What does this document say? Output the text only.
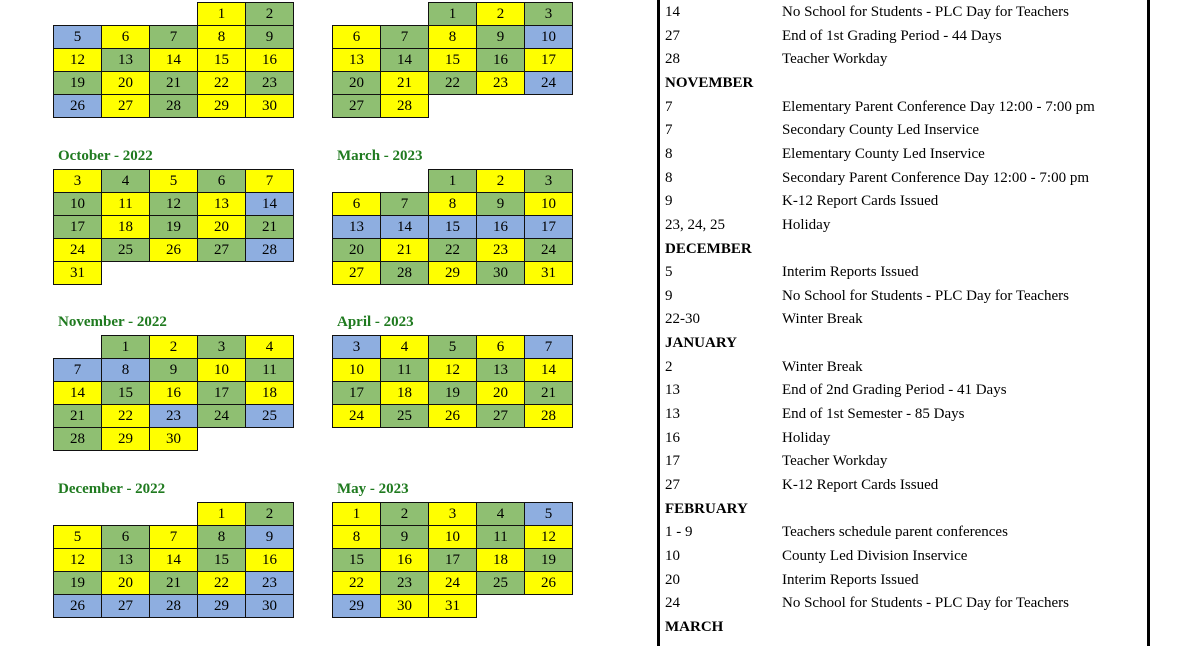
			1	2
5	6	7	8	9
12	13	14	15	16
19	20	21	22	23
26	27	28	29	30
		1	2	3
6	7	8	9	10
13	14	15	16	17
20	21	22	23	24
27	28			
October - 2022
3	4	5	6	7
10	11	12	13	14
17	18	19	20	21
24	25	26	27	28
31				
March - 2023
		1	2	3
6	7	8	9	10
13	14	15	16	17
20	21	22	23	24
27	28	29	30	31
November - 2022
	1	2	3	4
7	8	9	10	11
14	15	16	17	18
21	22	23	24	25
28	29	30		
April - 2023
3	4	5	6	7
10	11	12	13	14
17	18	19	20	21
24	25	26	27	28

December - 2022
			1	2
5	6	7	8	9
12	13	14	15	16
19	20	21	22	23
26	27	28	29	30
May - 2023
1	2	3	4	5
8	9	10	11	12
15	16	17	18	19
22	23	24	25	26
29	30	31		
14	No School for Students - PLC Day for Teachers
27	End of 1st Grading Period - 44 Days
28	Teacher Workday
NOVEMBER
7	Elementary Parent Conference Day 12:00 - 7:00 pm
7	Secondary County Led Inservice
8	Elementary County Led Inservice
8	Secondary Parent Conference Day 12:00 - 7:00 pm
9	K-12 Report Cards Issued
23, 24, 25	Holiday
DECEMBER
5	Interim Reports Issued
9	No School for Students - PLC Day for Teachers
22-30	Winter Break
JANUARY
2	Winter Break
13	End of 2nd Grading Period - 41 Days
13	End of 1st Semester - 85 Days
16	Holiday
17	Teacher Workday
27	K-12 Report Cards Issued
FEBRUARY
1 - 9	Teachers schedule parent conferences
10	County Led Division Inservice
20	Interim Reports Issued
24	No School for Students - PLC Day for Teachers
MARCH
